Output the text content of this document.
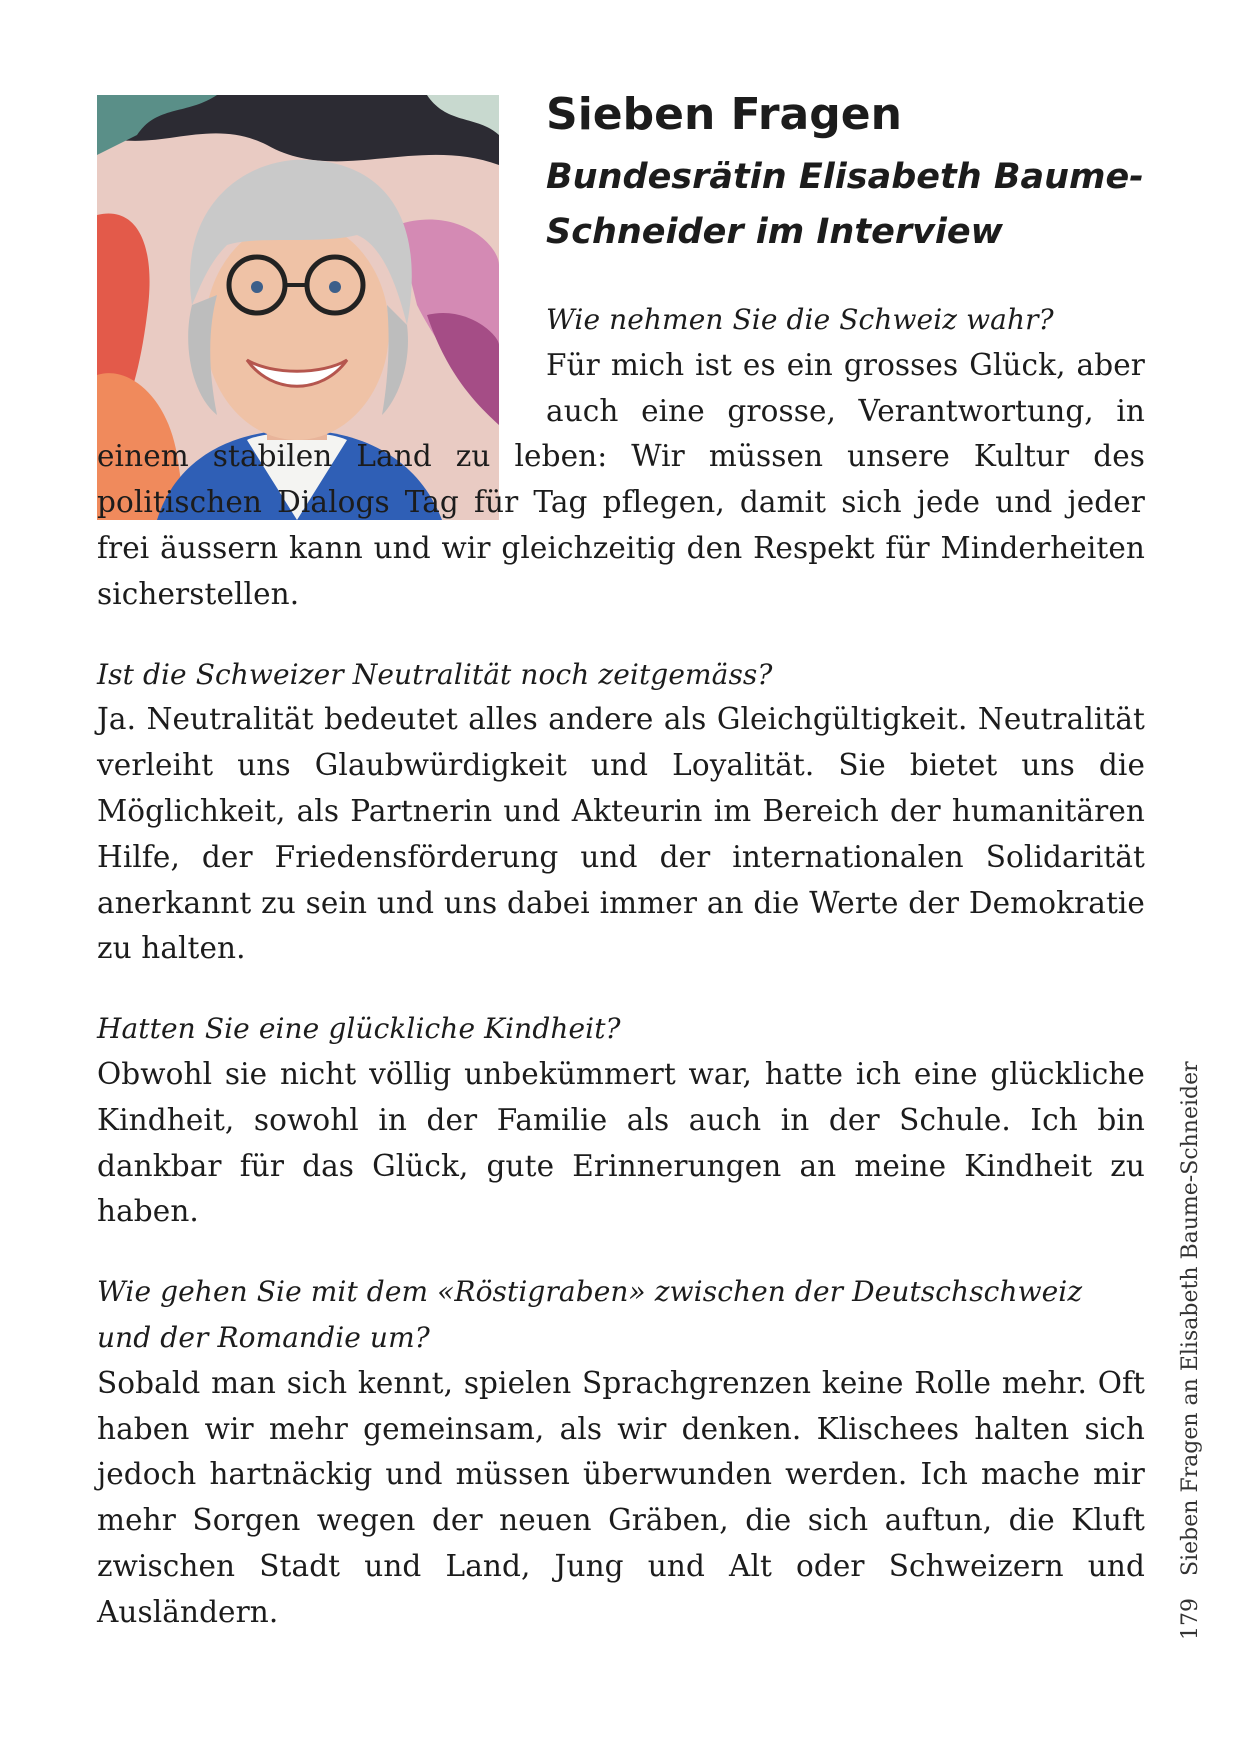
Sieben Fragen
Bundesrätin Elisabeth Baume-Schneider im Interview

Wie nehmen Sie die Schweiz wahr?

Für mich ist es ein grosses Glück, aber auch eine grosse, Verantwortung, in einem stabilen Land zu leben: Wir müssen unsere Kultur des politischen Dialogs Tag für Tag pflegen, damit sich jede und jeder frei äussern kann und wir gleichzeitig den Respekt für Minderheiten sicherstellen.

Ist die Schweizer Neutralität noch zeitgemäss?

Ja. Neutralität bedeutet alles andere als Gleichgültigkeit. Neutralität verleiht uns Glaubwürdigkeit und Loyalität. Sie bietet uns die Möglichkeit, als Partnerin und Akteurin im Bereich der humanitären Hilfe, der Friedensförderung und der internationalen Solidarität anerkannt zu sein und uns dabei immer an die Werte der Demokratie zu halten.

Hatten Sie eine glückliche Kindheit?

Obwohl sie nicht völlig unbekümmert war, hatte ich eine glückliche Kindheit, sowohl in der Familie als auch in der Schule. Ich bin dankbar für das Glück, gute Erinnerungen an meine Kindheit zu haben.

Wie gehen Sie mit dem «Röstigraben» zwischen der Deutschschweiz und der Romandie um?

Sobald man sich kennt, spielen Sprachgrenzen keine Rolle mehr. Oft haben wir mehr gemeinsam, als wir denken. Klischees halten sich jedoch hartnäckig und müssen überwunden werden. Ich mache mir mehr Sorgen wegen der neuen Gräben, die sich auftun, die Kluft zwischen Stadt und Land, Jung und Alt oder Schweizern und Ausländern.	179Sieben Fragen an Elisabeth Baume-Schneider
